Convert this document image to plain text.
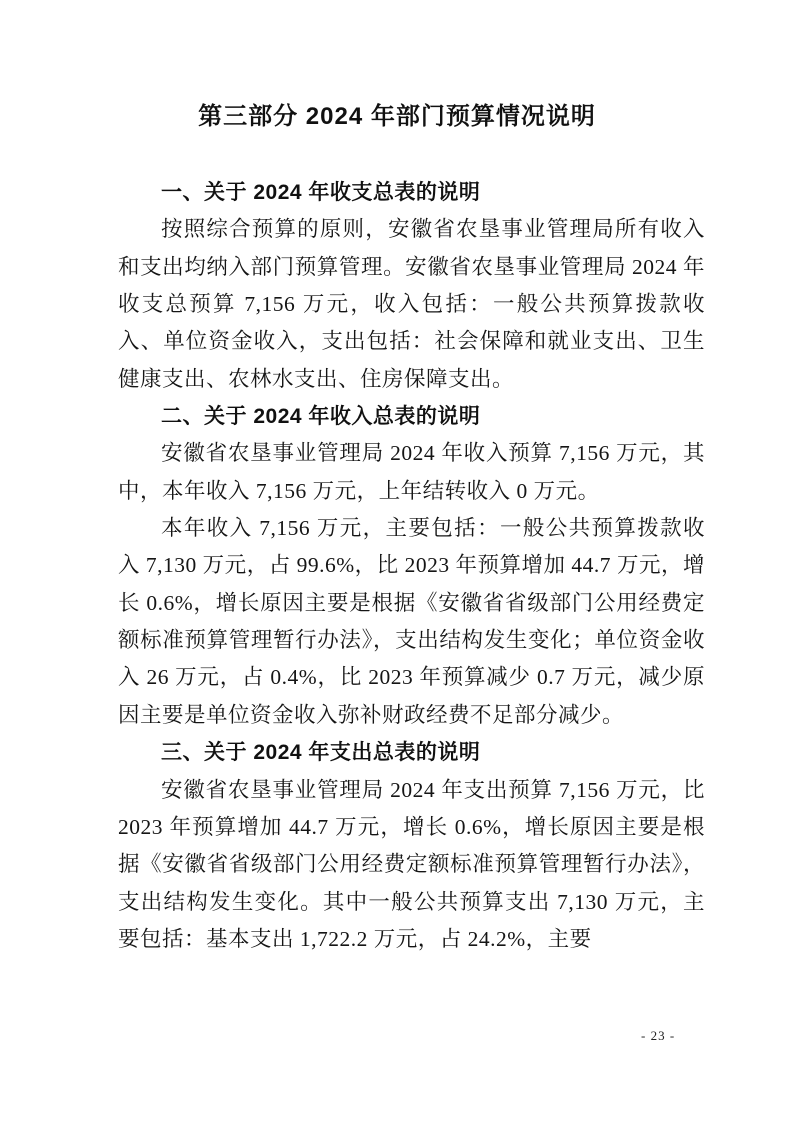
第三部分 2024 年部门预算情况说明
一、关于 2024 年收支总表的说明

按照综合预算的原则，安徽省农垦事业管理局所有收入和支出均纳入部门预算管理。安徽省农垦事业管理局 2024 年收支总预算 7,156 万元，收入包括：一般公共预算拨款收入、单位资金收入，支出包括：社会保障和就业支出、卫生健康支出、农林水支出、住房保障支出。

二、关于 2024 年收入总表的说明

安徽省农垦事业管理局 2024 年收入预算 7,156 万元，其中，本年收入 7,156 万元，上年结转收入 0 万元。

本年收入 7,156 万元，主要包括：一般公共预算拨款收入 7,130 万元，占 99.6%，比 2023 年预算增加 44.7 万元，增长 0.6%，增长原因主要是根据《安徽省省级部门公用经费定额标准预算管理暂行办法》，支出结构发生变化；单位资金收入 26 万元，占 0.4%，比 2023 年预算减少 0.7 万元，减少原因主要是单位资金收入弥补财政经费不足部分减少。

三、关于 2024 年支出总表的说明

安徽省农垦事业管理局 2024 年支出预算 7,156 万元，比 2023 年预算增加 44.7 万元，增长 0.6%，增长原因主要是根据《安徽省省级部门公用经费定额标准预算管理暂行办法》，支出结构发生变化。其中一般公共预算支出 7,130 万元，主要包括：基本支出 1,722.2 万元，占 24.2%，主要

- 23 -
